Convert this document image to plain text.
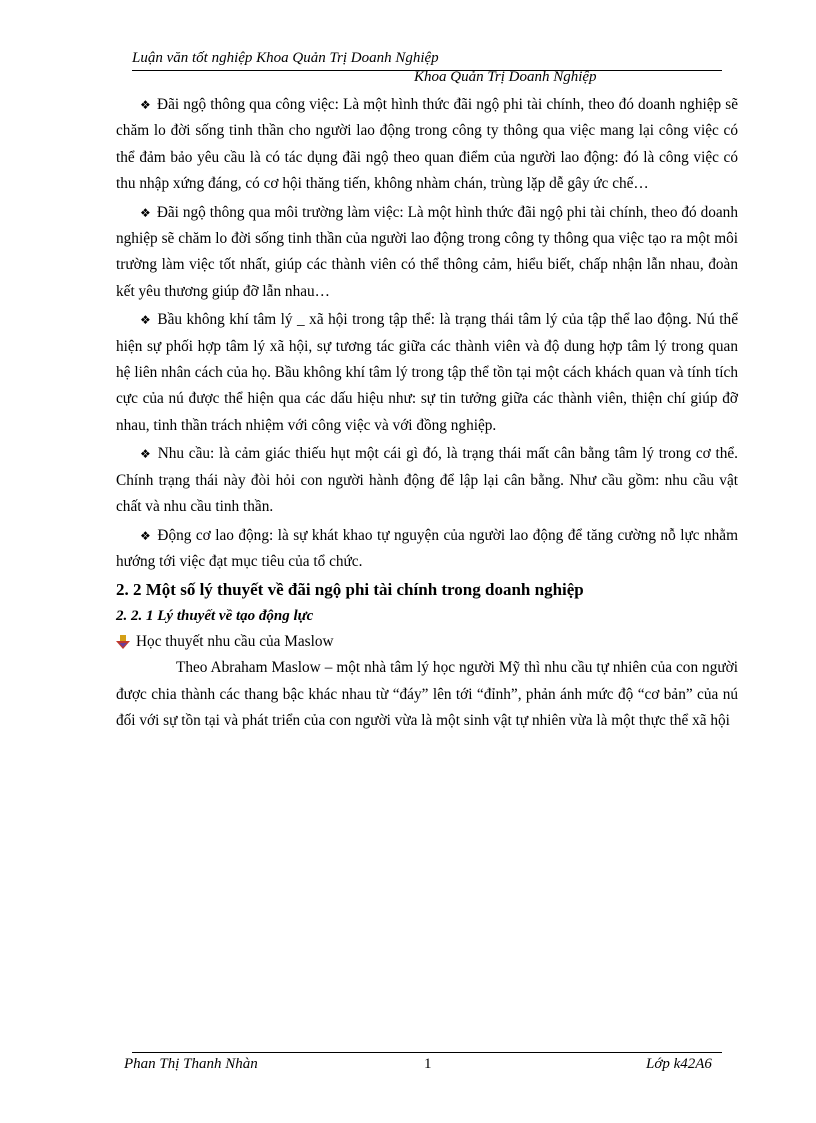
Luận văn tốt nghiệp Khoa Quản Trị Doanh Nghiệp
Khoa Quản Trị Doanh Nghiệp

❖ Đãi ngộ thông qua công việc: Là một hình thức đãi ngộ phi tài chính, theo đó doanh nghiệp sẽ chăm lo đời sống tinh thần cho người lao động trong công ty thông qua việc mang lại công việc có thể đảm bảo yêu cầu là có tác dụng đãi ngộ theo quan điểm của người lao động: đó là công việc có thu nhập xứng đáng, có cơ hội thăng tiến, không nhàm chán, trùng lặp dễ gây ức chế…

❖ Đãi ngộ thông qua môi trường làm việc: Là một hình thức đãi ngộ phi tài chính, theo đó doanh nghiệp sẽ chăm lo đời sống tinh thần của người lao động trong công ty thông qua việc tạo ra một môi trường làm việc tốt nhất, giúp các thành viên có thể thông cảm, hiểu biết, chấp nhận lẫn nhau, đoàn kết yêu thương giúp đỡ lẫn nhau…

❖ Bầu không khí tâm lý _ xã hội trong tập thể: là trạng thái tâm lý của tập thể lao động. Nú thể hiện sự phối hợp tâm lý xã hội, sự tương tác giữa các thành viên và độ dung hợp tâm lý trong quan hệ liên nhân cách của họ. Bầu không khí tâm lý trong tập thể tồn tại một cách khách quan và tính tích cực của nú được thể hiện qua các dấu hiệu như: sự tin tưởng giữa các thành viên, thiện chí giúp đỡ nhau, tinh thần trách nhiệm với công việc và với đồng nghiệp.

❖ Nhu cầu: là cảm giác thiếu hụt một cái gì đó, là trạng thái mất cân bằng tâm lý trong cơ thể. Chính trạng thái này đòi hỏi con người hành động để lập lại cân bằng. Như cầu gồm: nhu cầu vật chất và nhu cầu tinh thần.

❖ Động cơ lao động: là sự khát khao tự nguyện của người lao động để tăng cường nỗ lực nhằm hướng tới việc đạt mục tiêu của tổ chức.

2. 2 Một số lý thuyết về đãi ngộ phi tài chính trong doanh nghiệp
2. 2. 1 Lý thuyết về tạo động lực
Học thuyết nhu cầu của Maslow

Theo Abraham Maslow – một nhà tâm lý học người Mỹ thì nhu cầu tự nhiên của con người được chia thành các thang bậc khác nhau từ “đáy” lên tới “đỉnh”, phản ánh mức độ “cơ bản” của nú đối với sự tồn tại và phát triển của con người vừa là một sinh vật tự nhiên vừa là một thực thể xã hội

Phan Thị Thanh Nhàn	1	Lớp k42A6
